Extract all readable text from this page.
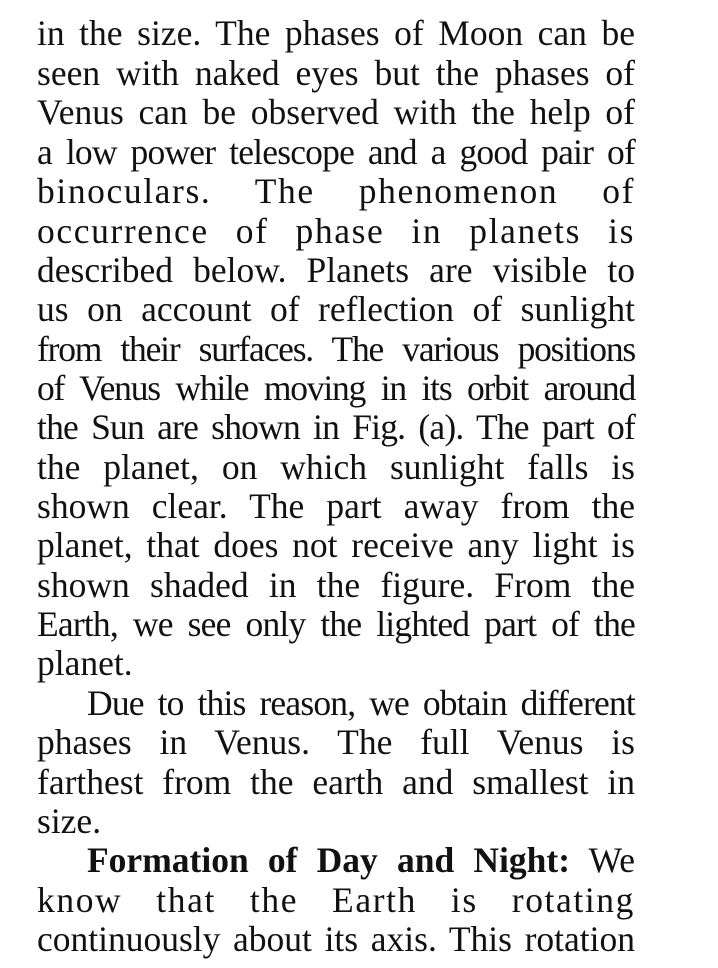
in the size. The phases of Moon can be
seen with naked eyes but the phases of
Venus can be observed with the help of
a low power telescope and a good pair of
binoculars. The phenomenon of
occurrence of phase in planets is
described below. Planets are visible to
us on account of reflection of sunlight
from their surfaces. The various positions
of Venus while moving in its orbit around
the Sun are shown in Fig. (a). The part of
the planet, on which sunlight falls is
shown clear. The part away from the
planet, that does not receive any light is
shown shaded in the figure. From the
Earth, we see only the lighted part of the
planet.
Due to this reason, we obtain different
phases in Venus. The full Venus is
farthest from the earth and smallest in
size.
Formation of Day and Night: We
know that the Earth is rotating
continuously about its axis. This rotation
